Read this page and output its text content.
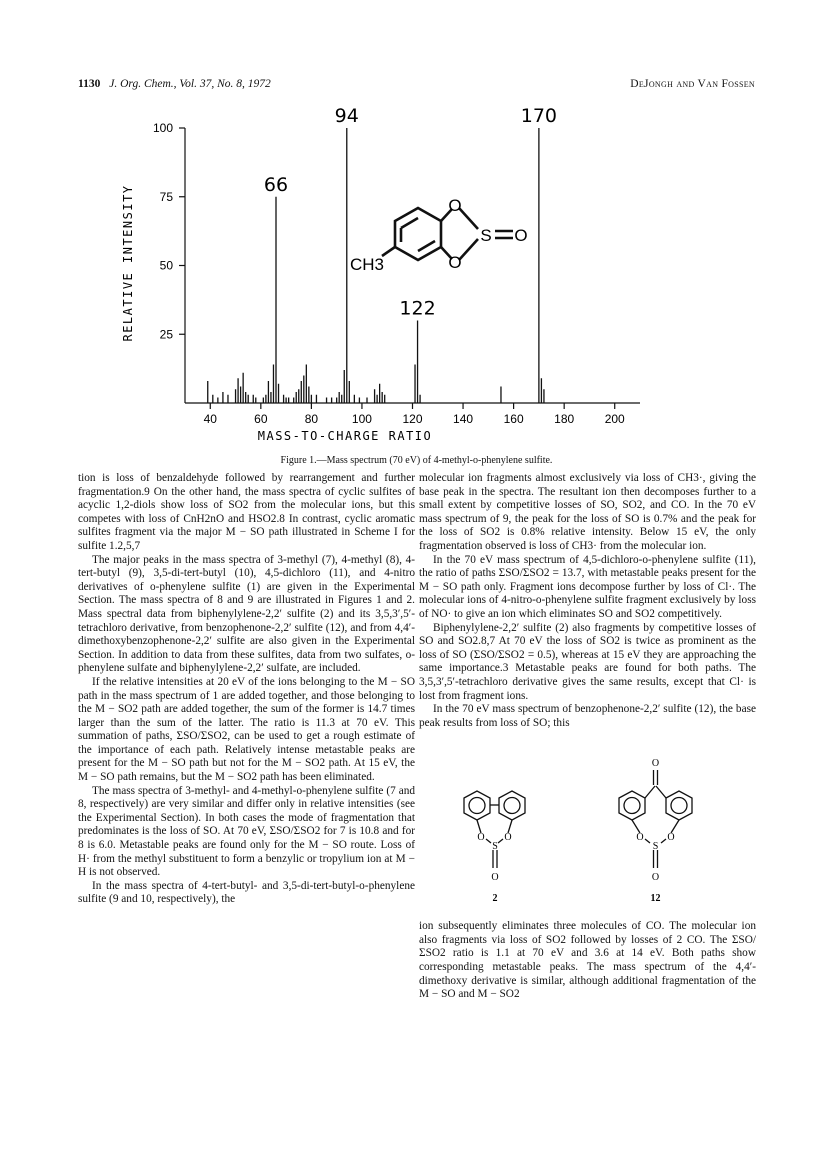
1130 J. Org. Chem., Vol. 37, No. 8, 1972	DeJongh and Van Fossen
RELATIVE INTENSITY
MASS-TO-CHARGE RATIO
25
50
75
100
40	60	80	100	120	140	160	180	200
66
94
122
170
O
O
S O
CH3
Figure 1.—Mass spectrum (70 eV) of 4-methyl-o-phenylene sulfite.

tion is loss of benzaldehyde followed by rearrangement and further fragmentation.9 On the other hand, the mass spectra of cyclic sulfites of acyclic 1,2-diols show loss of SO2 from the molecular ions, but this competes with loss of CnH2nO and HSO2.8 In contrast, cyclic aromatic sulfites fragment via the major M − SO path illustrated in Scheme I for sulfite 1.2,5,7

The major peaks in the mass spectra of 3-methyl (7), 4-methyl (8), 4-tert-butyl (9), 3,5-di-tert-butyl (10), 4,5-dichloro (11), and 4-nitro derivatives of o-phenylene sulfite (1) are given in the Experimental Section. The mass spectra of 8 and 9 are illustrated in Figures 1 and 2. Mass spectral data from biphenylylene-2,2′ sulfite (2) and its 3,5,3′,5′-tetrachloro derivative, from benzophenone-2,2′ sulfite (12), and from 4,4′-dimethoxybenzophenone-2,2′ sulfite are also given in the Experimental Section. In addition to data from these sulfites, data from two sulfates, o-phenylene sulfate and biphenylylene-2,2′ sulfate, are included.

If the relative intensities at 20 eV of the ions belonging to the M − SO path in the mass spectrum of 1 are added together, and those belonging to the M − SO2 path are added together, the sum of the former is 14.7 times larger than the sum of the latter. The ratio is 11.3 at 70 eV. This summation of paths, ΣSO/ΣSO2, can be used to get a rough estimate of the importance of each path. Relatively intense metastable peaks are present for the M − SO path but not for the M − SO2 path. At 15 eV, the M − SO path remains, but the M − SO2 path has been eliminated.

The mass spectra of 3-methyl- and 4-methyl-o-phenylene sulfite (7 and 8, respectively) are very similar and differ only in relative intensities (see the Experimental Section). In both cases the mode of fragmentation that predominates is the loss of SO. At 70 eV, ΣSO/ΣSO2 for 7 is 10.8 and for 8 is 6.0. Metastable peaks are found only for the M − SO route. Loss of H· from the methyl substituent to form a benzylic or tropylium ion at M − H is not observed.

In the mass spectra of 4-tert-butyl- and 3,5-di-tert-butyl-o-phenylene sulfite (9 and 10, respectively), the

molecular ion fragments almost exclusively via loss of CH3·, giving the base peak in the spectra. The resultant ion then decomposes further to a small extent by competitive losses of SO, SO2, and CO. In the 70 eV mass spectrum of 9, the peak for the loss of SO is 0.7% and the peak for the loss of SO2 is 0.8% relative intensity. Below 15 eV, the only fragmentation observed is loss of CH3· from the molecular ion.

In the 70 eV mass spectrum of 4,5-dichloro-o-phenylene sulfite (11), the ratio of paths ΣSO/ΣSO2 = 13.7, with metastable peaks present for the M − SO path only. Fragment ions decompose further by loss of Cl·. The molecular ions of 4-nitro-o-phenylene sulfite fragment exclusively by loss of NO· to give an ion which eliminates SO and SO2 competitively.

Biphenylylene-2,2′ sulfite (2) also fragments by competitive losses of SO and SO2.8,7 At 70 eV the loss of SO2 is twice as prominent as the loss of SO (ΣSO/ΣSO2 = 0.5), whereas at 15 eV they are approaching the same importance.3 Metastable peaks are found for both paths. The 3,5,3′,5′-tetrachloro derivative gives the same results, except that Cl· is lost from fragment ions.

In the 70 eV mass spectrum of benzophenone-2,2′ sulfite (12), the base peak results from loss of SO; this

O O
S
O
2
O
O O
S
O
12

ion subsequently eliminates three molecules of CO. The molecular ion also fragments via loss of SO2 followed by losses of 2 CO. The ΣSO/ΣSO2 ratio is 1.1 at 70 eV and 3.6 at 14 eV. Both paths show corresponding metastable peaks. The mass spectrum of the 4,4′-dimethoxy derivative is similar, although additional fragmentation of the M − SO and M − SO2
